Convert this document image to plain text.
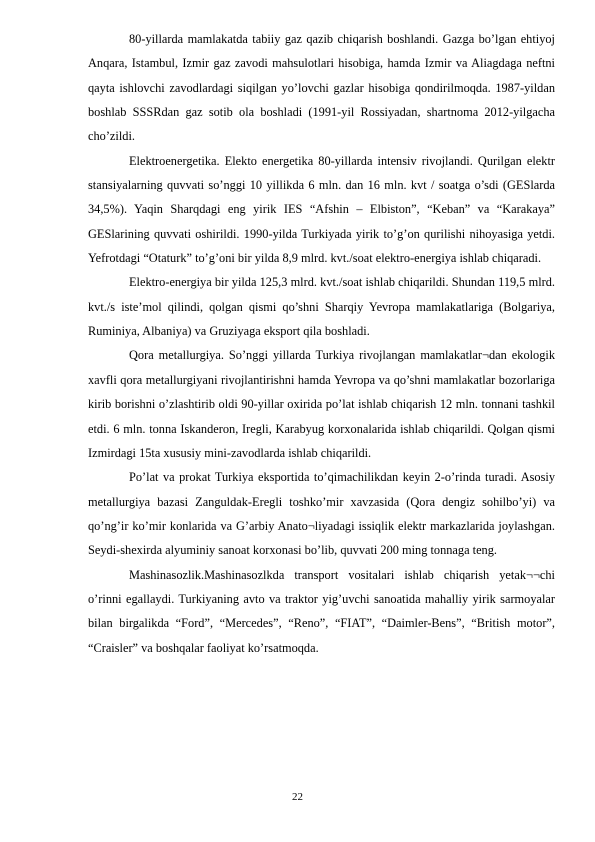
80-yillarda mamlakatda tabiiy gaz qazib chiqarish boshlandi. Gazga bo’lgan ehtiyoj Anqara, Istambul, Izmir gaz zavodi mahsulotlari hisobiga, hamda Izmir va Aliagdaga neftni qayta ishlovchi zavodlardagi siqilgan yo’lovchi gazlar hisobiga qondirilmoqda. 1987-yildan boshlab SSSRdan gaz sotib ola boshladi (1991-yil Rossiyadan, shartnoma 2012-yilgacha cho’zildi.

Elektroenergetika. Elekto energetika 80-yillarda intensiv rivojlandi. Qurilgan elektr stansiyalarning quvvati so’nggi 10 yillikda 6 mln. dan 16 mln. kvt / soatga o’sdi (GESlarda 34,5%). Yaqin Sharqdagi eng yirik IES “Afshin – Elbiston”, “Keban” va “Karakaya” GESlarining quvvati oshirildi. 1990-yilda Turkiyada yirik to’g’on qurilishi nihoyasiga yetdi. Yefrotdagi “Otaturk” to’g’oni bir yilda 8,9 mlrd. kvt./soat elektro-energiya ishlab chiqaradi.

Elektro-energiya bir yilda 125,3 mlrd. kvt./soat ishlab chiqarildi. Shundan 119,5 mlrd. kvt./s iste’mol qilindi, qolgan qismi qo’shni Sharqiy Yevropa mamlakatlariga (Bolgariya, Ruminiya, Albaniya) va Gruziyaga eksport qila boshladi.

Qora metallurgiya. So’nggi yillarda Turkiya rivojlangan mamlakatlar¬dan ekologik xavfli qora metallurgiyani rivojlantirishni hamda Yevropa va qo’shni mamlakatlar bozorlariga kirib borishni o’zlashtirib oldi 90-yillar oxirida po’lat ishlab chiqarish 12 mln. tonnani tashkil etdi. 6 mln. tonna Iskanderon, Iregli, Karabyug korxonalarida ishlab chiqarildi. Qolgan qismi Izmirdagi 15ta xususiy mini-zavodlarda ishlab chiqarildi.

Po’lat va prokat Turkiya eksportida to’qimachilikdan keyin 2-o’rinda turadi. Asosiy metallurgiya bazasi Zanguldak-Eregli toshko’mir xavzasida (Qora dengiz sohilbo’yi) va qo’ng’ir ko’mir konlarida va G’arbiy Anato¬liyadagi issiqlik elektr markazlarida joylashgan. Seydi-shexirda alyuminiy sanoat korxonasi bo’lib, quvvati 200 ming tonnaga teng.

Mashinasozlik.Mashinasozlkda transport vositalari ishlab chiqarish yetak¬¬chi o’rinni egallaydi. Turkiyaning avto va traktor yig’uvchi sanoatida mahalliy yirik sarmoyalar bilan birgalikda “Ford”, “Mercedes”, “Reno”, “FIAT”, “Daimler-Bens”, “British motor”, “Craisler” va boshqalar faoliyat ko’rsatmoqda.

22
